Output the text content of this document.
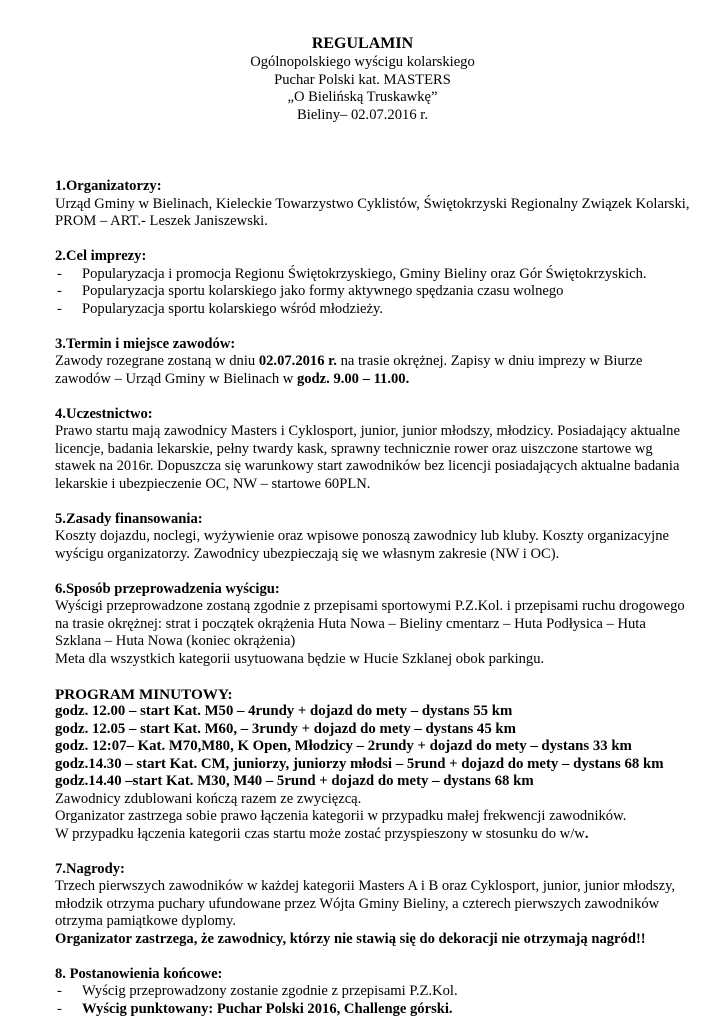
REGULAMIN
Ogólnopolskiego wyścigu kolarskiego
Puchar Polski kat. MASTERS
„O Bielińską Truskawkę”
Bieliny– 02.07.2016 r.
1.Organizatorzy:

Urząd Gminy w Bielinach, Kieleckie Towarzystwo Cyklistów, Świętokrzyski Regionalny Związek Kolarski, PROM – ART.- Leszek Janiszewski.

2.Cel imprezy:
- Popularyzacja i promocja Regionu Świętokrzyskiego, Gminy Bieliny oraz Gór Świętokrzyskich.
- Popularyzacja sportu kolarskiego jako formy aktywnego spędzania czasu wolnego
- Popularyzacja sportu kolarskiego wśród młodzieży.
3.Termin i miejsce zawodów:

Zawody rozegrane zostaną w dniu 02.07.2016 r. na trasie okrężnej. Zapisy w dniu imprezy w Biurze zawodów – Urząd Gminy w Bielinach w godz. 9.00 – 11.00.

4.Uczestnictwo:

Prawo startu mają zawodnicy Masters i Cyklosport, junior, junior młodszy, młodzicy. Posiadający aktualne licencje, badania lekarskie, pełny twardy kask, sprawny technicznie rower oraz uiszczone startowe wg stawek na 2016r. Dopuszcza się warunkowy start zawodników bez licencji posiadających aktualne badania lekarskie i ubezpieczenie OC, NW – startowe 60PLN.

5.Zasady finansowania:

Koszty dojazdu, noclegi, wyżywienie oraz wpisowe ponoszą zawodnicy lub kluby. Koszty organizacyjne wyścigu organizatorzy. Zawodnicy ubezpieczają się we własnym zakresie (NW i OC).

6.Sposób przeprowadzenia wyścigu:

Wyścigi przeprowadzone zostaną zgodnie z przepisami sportowymi P.Z.Kol. i przepisami ruchu drogowego na trasie okrężnej: strat i początek okrążenia Huta Nowa – Bieliny cmentarz – Huta Podłysica – Huta Szklana – Huta Nowa (koniec okrążenia)

Meta dla wszystkich kategorii usytuowana będzie w Hucie Szklanej obok parkingu.

PROGRAM MINUTOWY:
godz. 12.00 – start Kat. M50 – 4rundy + dojazd do mety – dystans 55 km
godz. 12.05 – start Kat. M60, – 3rundy + dojazd do mety – dystans 45 km
godz. 12:07– Kat. M70,M80, K Open, Młodzicy – 2rundy + dojazd do mety – dystans 33 km
godz.14.30 – start Kat. CM, juniorzy, juniorzy młodsi – 5rund + dojazd do mety – dystans 68 km
godz.14.40 –start Kat. M30, M40 – 5rund + dojazd do mety – dystans 68 km

Zawodnicy zdublowani kończą razem ze zwycięzcą.

Organizator zastrzega sobie prawo łączenia kategorii w przypadku małej frekwencji zawodników.

W przypadku łączenia kategorii czas startu może zostać przyspieszony w stosunku do w/w.

7.Nagrody:

Trzech pierwszych zawodników w każdej kategorii Masters A i B oraz Cyklosport, junior, junior młodszy, młodzik otrzyma puchary ufundowane przez Wójta Gminy Bieliny, a czterech pierwszych zawodników otrzyma pamiątkowe dyplomy.

Organizator zastrzega, że zawodnicy, którzy nie stawią się do dekoracji nie otrzymają nagród!!

8. Postanowienia końcowe:
- Wyścig przeprowadzony zostanie zgodnie z przepisami P.Z.Kol.
- Wyścig punktowany: Puchar Polski 2016, Challenge górski.
